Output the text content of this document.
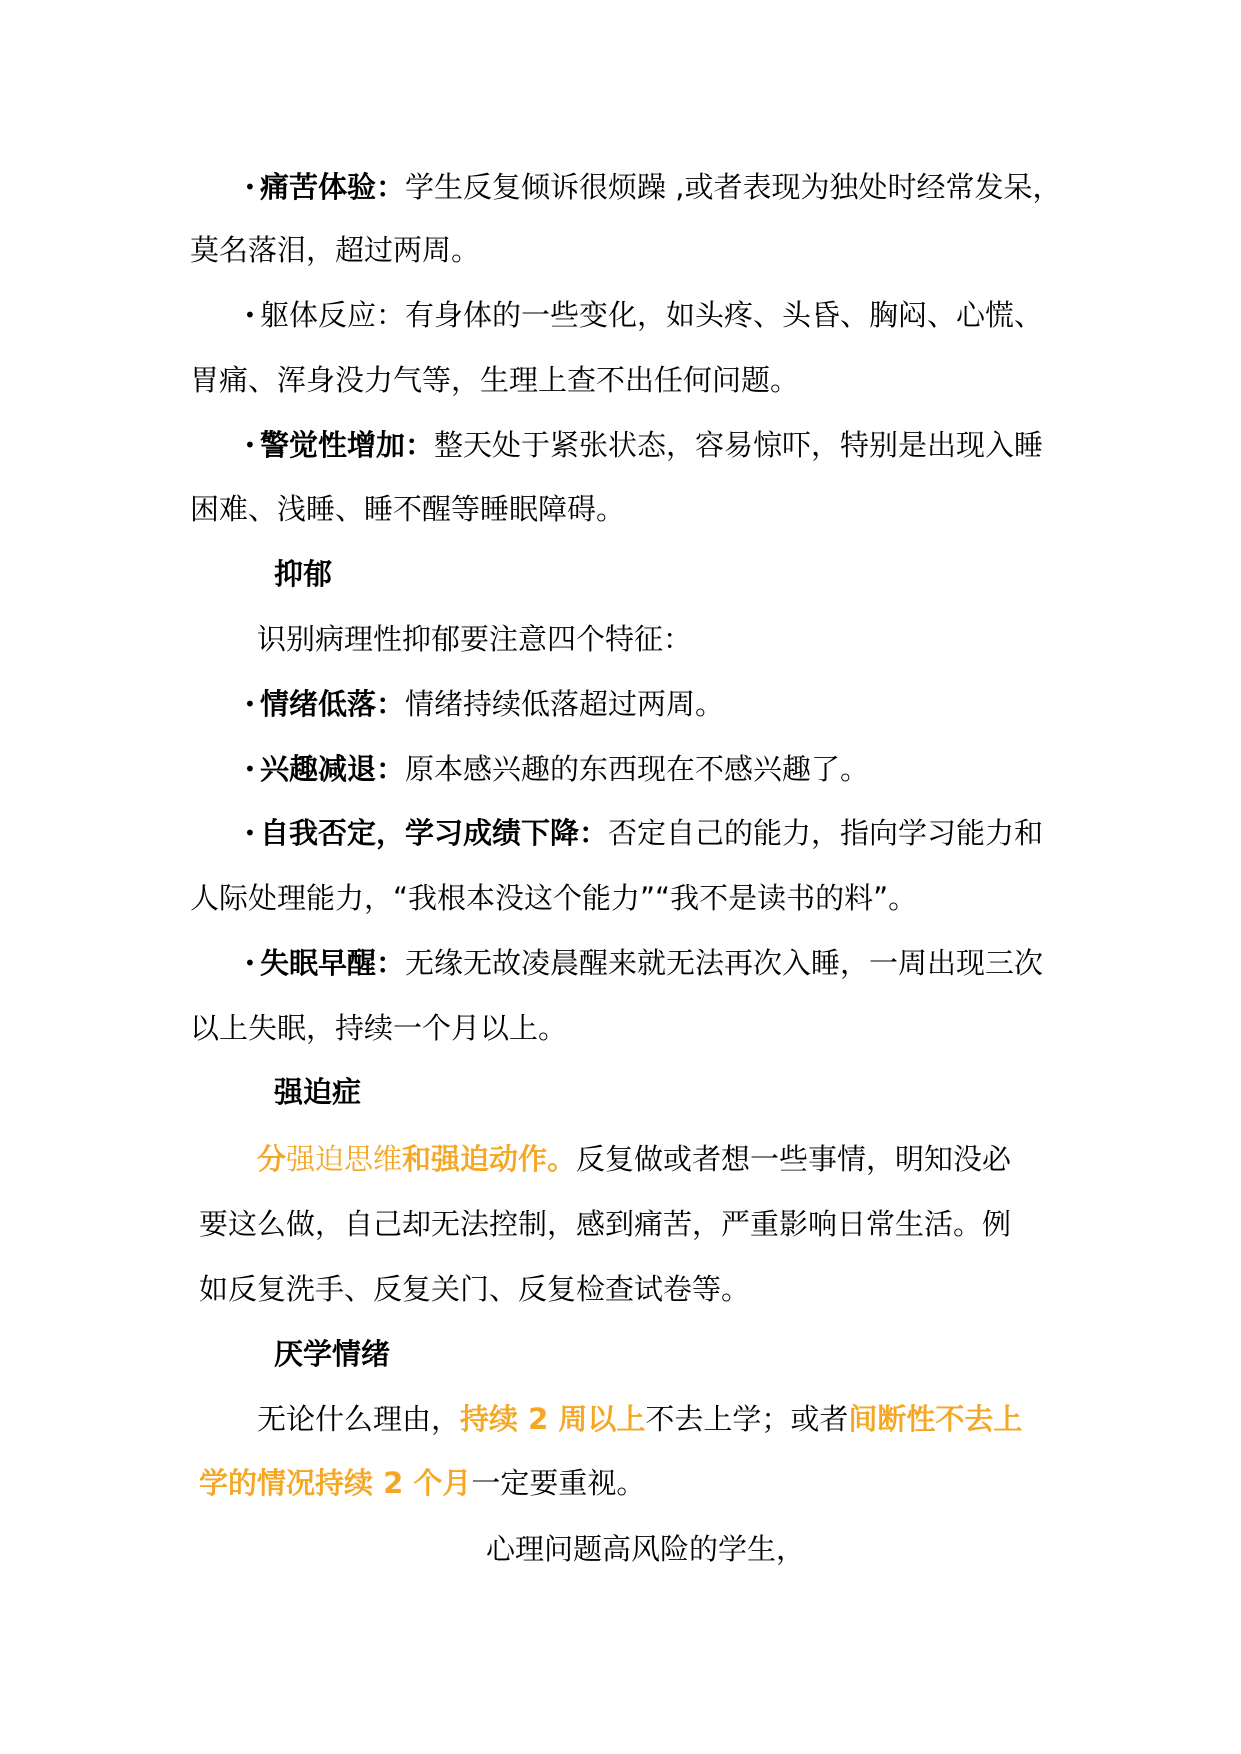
• 痛苦体验：学生反复倾诉很烦躁 ,或者表现为独处时经常发呆，
莫名落泪，超过两周。
• 躯体反应：有身体的一些变化，如头疼、头昏、胸闷、心慌、
胃痛、浑身没力气等，生理上查不出任何问题。
• 警觉性增加：整天处于紧张状态，容易惊吓，特别是出现入睡
困难、浅睡、睡不醒等睡眠障碍。
抑郁
识别病理性抑郁要注意四个特征：
• 情绪低落：情绪持续低落超过两周。
• 兴趣减退：原本感兴趣的东西现在不感兴趣了。
• 自我否定，学习成绩下降：否定自己的能力，指向学习能力和
人际处理能力，“我根本没这个能力”“我不是读书的料”。
• 失眠早醒：无缘无故凌晨醒来就无法再次入睡，一周出现三次
以上失眠，持续一个月以上。
强迫症
分强迫思维和强迫动作。反复做或者想一些事情，明知没必
要这么做，自己却无法控制，感到痛苦，严重影响日常生活。例
如反复洗手、反复关门、反复检查试卷等。
厌学情绪
无论什么理由，持续 2 周以上不去上学；或者间断性不去上
学的情况持续 2 个月一定要重视。
心理问题高风险的学生，
